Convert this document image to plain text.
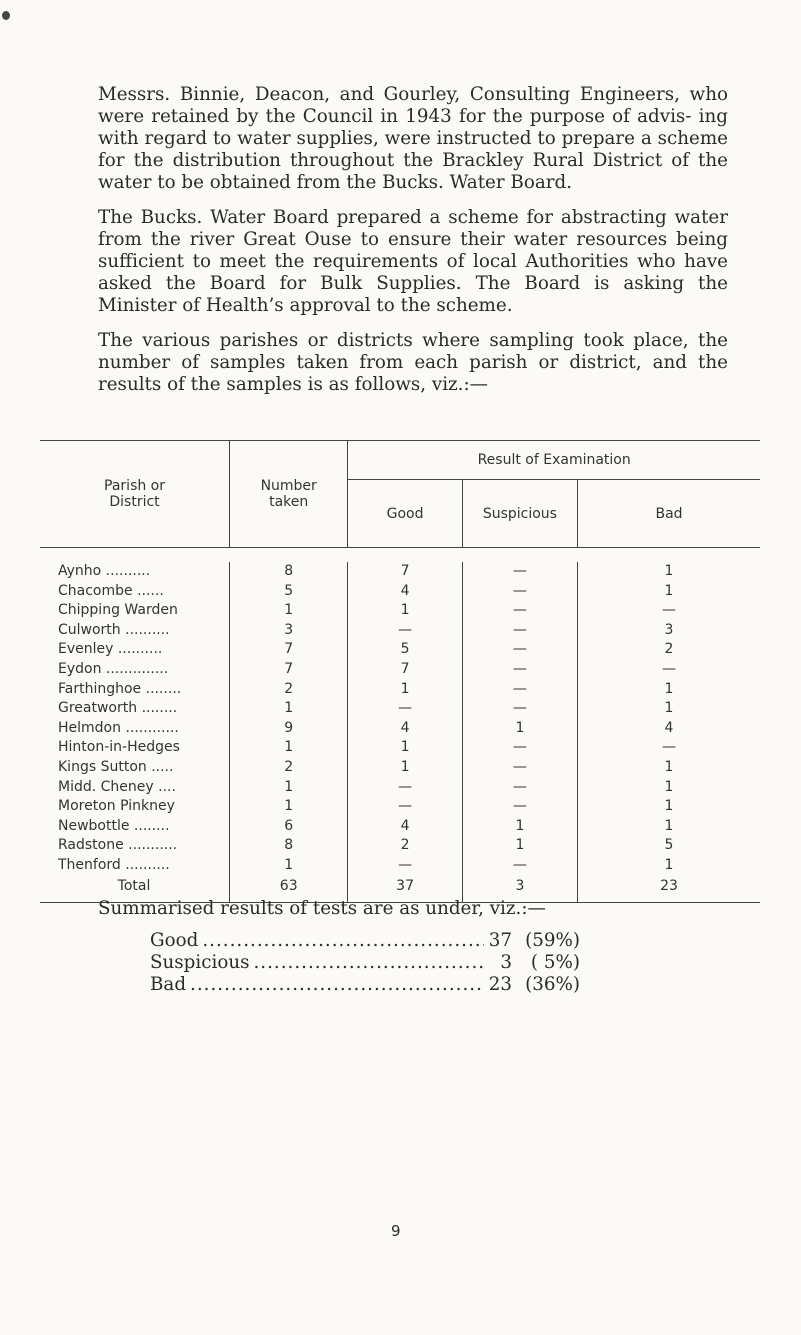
Messrs. Binnie, Deacon, and Gourley, Consulting Engineers, who were retained by the Council in 1943 for the purpose of advis- ing with regard to water supplies, were instructed to prepare a scheme for the distribution throughout the Brackley Rural District of the water to be obtained from the Bucks. Water Board.

The Bucks. Water Board prepared a scheme for abstracting water from the river Great Ouse to ensure their water resources being sufficient to meet the requirements of local Authorities who have asked the Board for Bulk Supplies. The Board is asking the Minister of Health’s approval to the scheme.

The various parishes or districts where sampling took place, the number of samples taken from each parish or district, and the results of the samples is as follows, viz.:—

Parish or District	Number taken	Result of Examination		
		Good	Suspicious	Bad

Aynho ..........	8	7	—	1
Chacombe ......	5	4	—	1
Chipping Warden	1	1	—	—
Culworth ..........	3	—	—	3
Evenley ..........	7	5	—	2
Eydon ..............	7	7	—	—
Farthinghoe ........	2	1	—	1
Greatworth ........	1	—	—	1
Helmdon ............	9	4	1	4
Hinton-in-Hedges	1	1	—	—
Kings Sutton .....	2	1	—	1
Midd. Cheney ....	1	—	—	1
Moreton Pinkney	1	—	—	1
Newbottle ........	6	4	1	1
Radstone ...........	8	2	1	5
Thenford ..........	1	—	—	1
Total	63	37	3	23
Summarised results of tests are as under, viz.:—
Good .....	37 (59%)
Suspicious .....	3	( 5%)
Bad .....	23 (36%)
9
